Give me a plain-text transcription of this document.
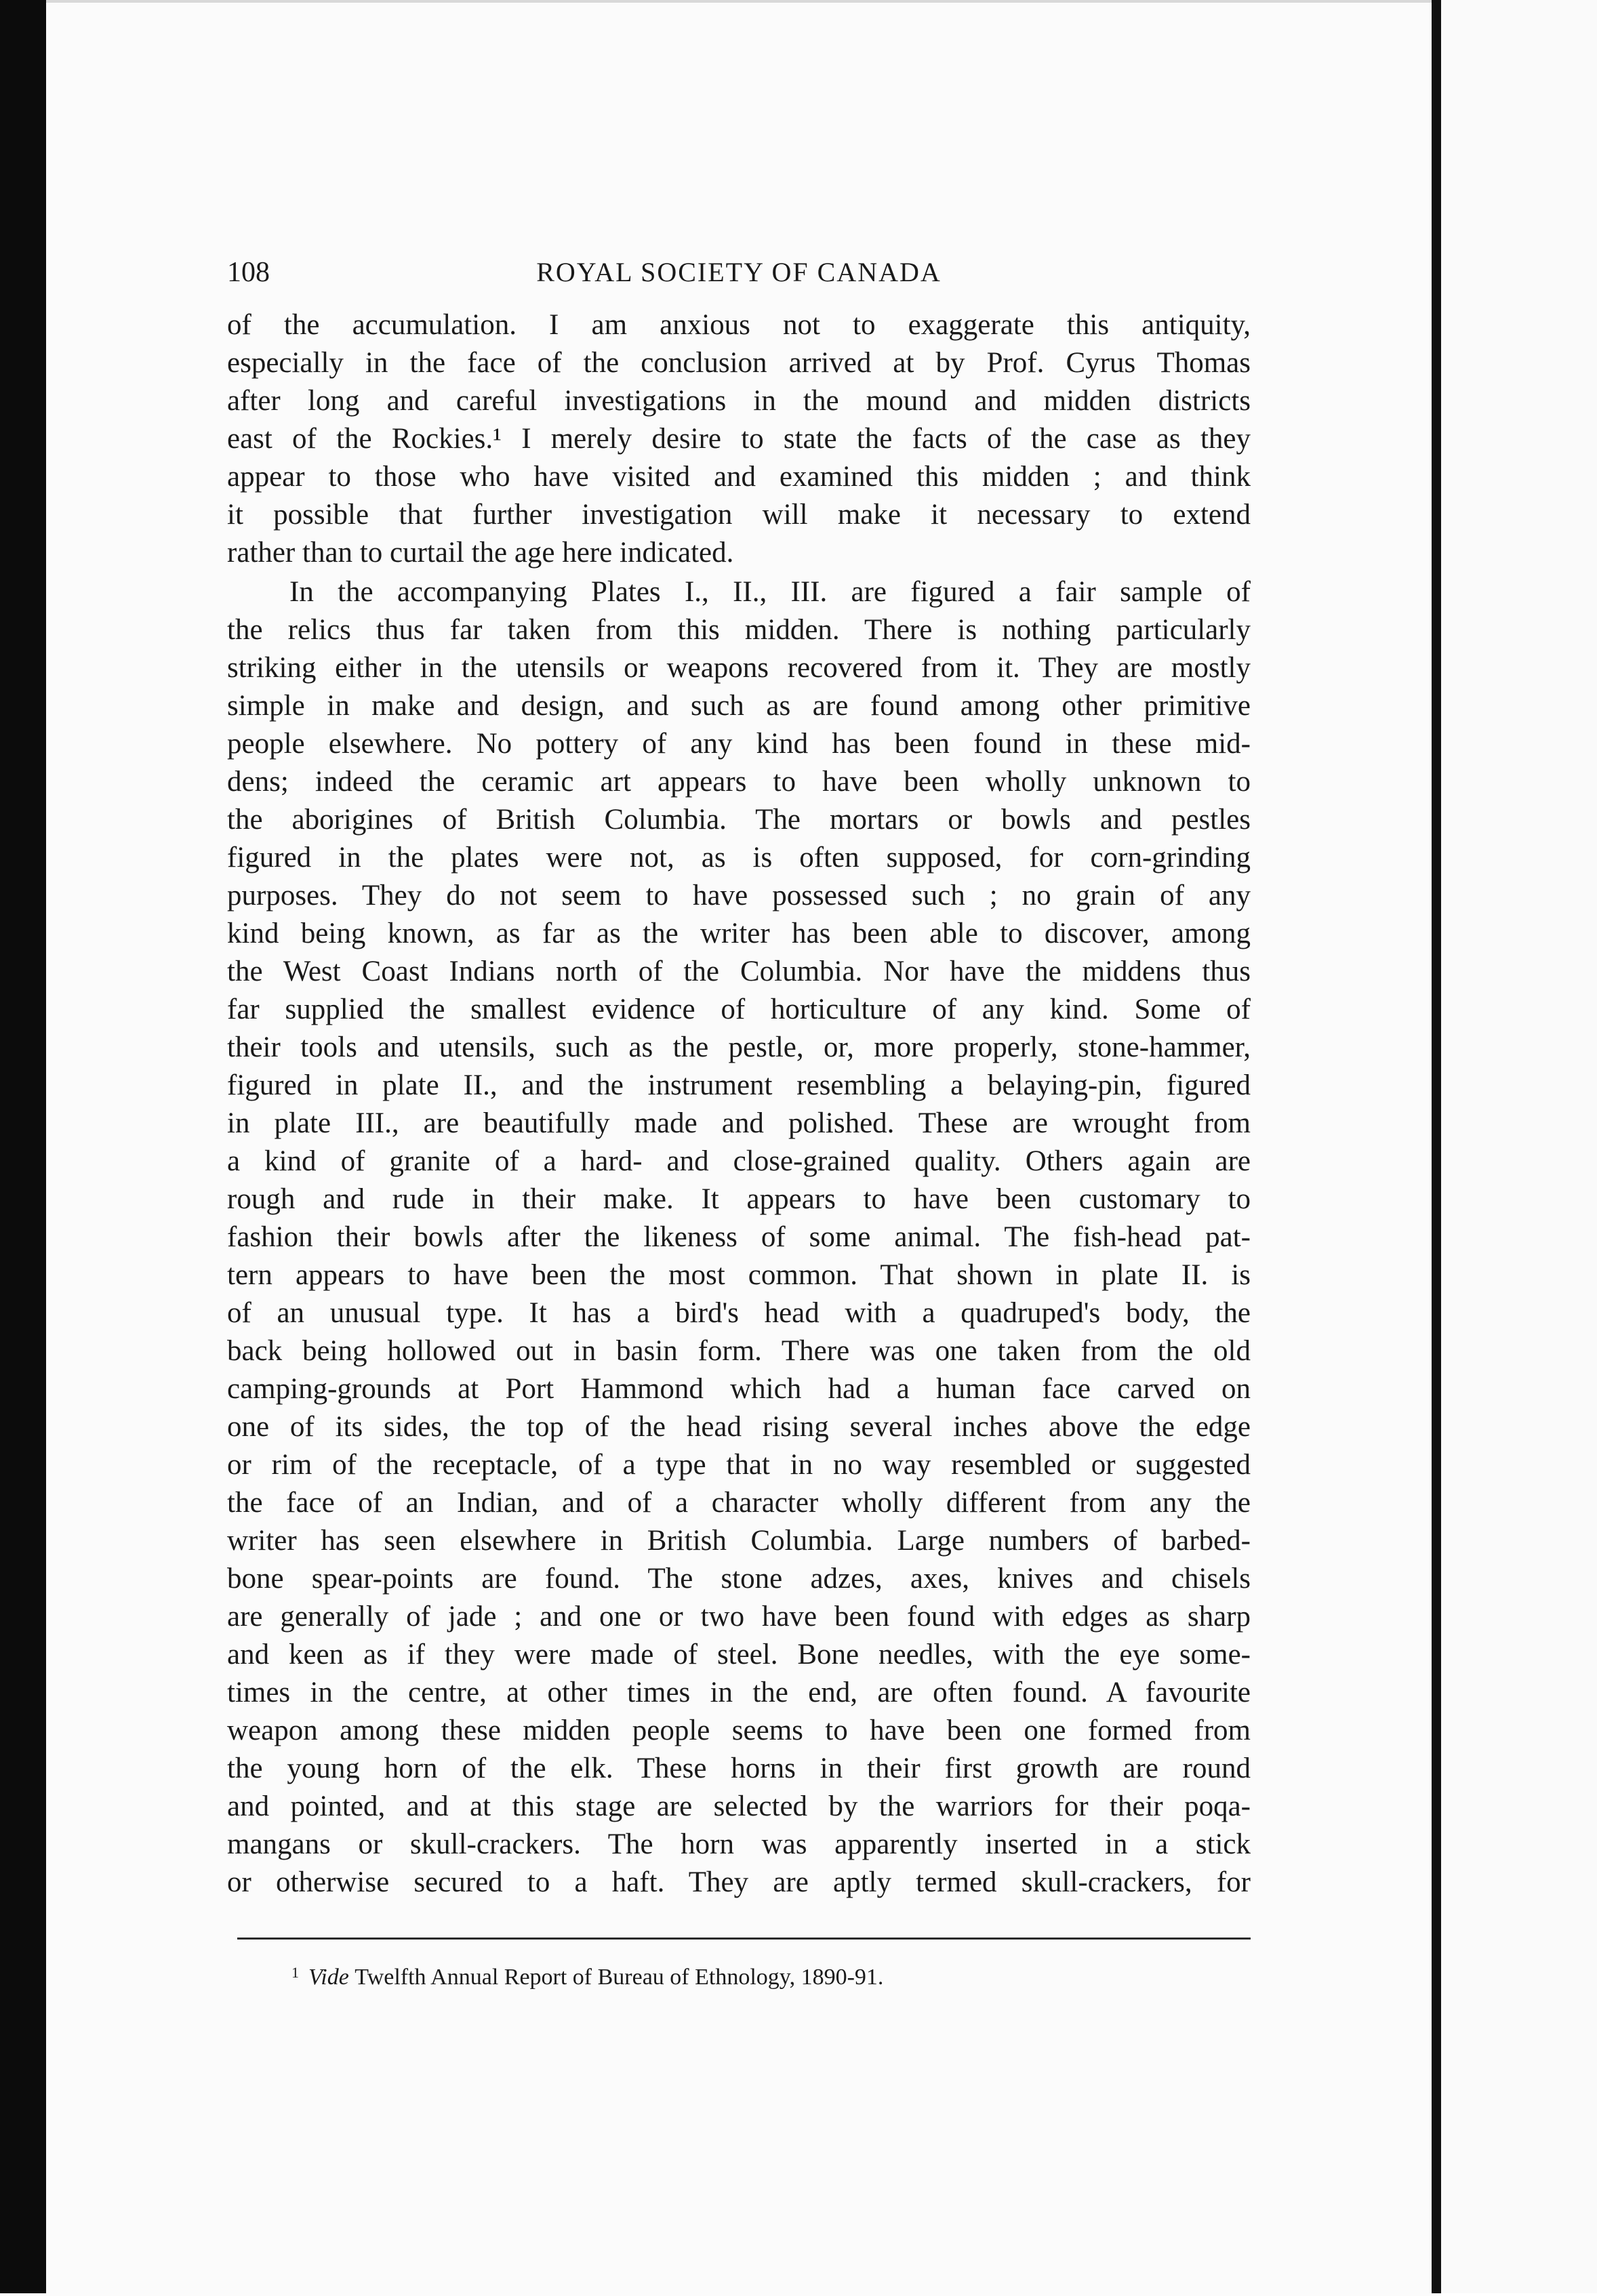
108	ROYAL SOCIETY OF CANADA

of the accumulation. I am anxious not to exaggerate this antiquity,
especially in the face of the conclusion arrived at by Prof. Cyrus Thomas
after long and careful investigations in the mound and midden districts
east of the Rockies.¹ I merely desire to state the facts of the case as they
appear to those who have visited and examined this midden ; and think
it possible that further investigation will make it necessary to extend
rather than to curtail the age here indicated.

In the accompanying Plates I., II., III. are figured a fair sample of
the relics thus far taken from this midden. There is nothing particularly
striking either in the utensils or weapons recovered from it. They are mostly
simple in make and design, and such as are found among other primitive
people elsewhere. No pottery of any kind has been found in these mid-
dens; indeed the ceramic art appears to have been wholly unknown to
the aborigines of British Columbia. The mortars or bowls and pestles
figured in the plates were not, as is often supposed, for corn-grinding
purposes. They do not seem to have possessed such ; no grain of any
kind being known, as far as the writer has been able to discover, among
the West Coast Indians north of the Columbia. Nor have the middens thus
far supplied the smallest evidence of horticulture of any kind. Some of
their tools and utensils, such as the pestle, or, more properly, stone-hammer,
figured in plate II., and the instrument resembling a belaying-pin, figured
in plate III., are beautifully made and polished. These are wrought from
a kind of granite of a hard- and close-grained quality. Others again are
rough and rude in their make. It appears to have been customary to
fashion their bowls after the likeness of some animal. The fish-head pat-
tern appears to have been the most common. That shown in plate II. is
of an unusual type. It has a bird's head with a quadruped's body, the
back being hollowed out in basin form. There was one taken from the old
camping-grounds at Port Hammond which had a human face carved on
one of its sides, the top of the head rising several inches above the edge
or rim of the receptacle, of a type that in no way resembled or suggested
the face of an Indian, and of a character wholly different from any the
writer has seen elsewhere in British Columbia. Large numbers of barbed-
bone spear-points are found. The stone adzes, axes, knives and chisels
are generally of jade ; and one or two have been found with edges as sharp
and keen as if they were made of steel. Bone needles, with the eye some-
times in the centre, at other times in the end, are often found. A favourite
weapon among these midden people seems to have been one formed from
the young horn of the elk. These horns in their first growth are round
and pointed, and at this stage are selected by the warriors for their poqa-
mangans or skull-crackers. The horn was apparently inserted in a stick
or otherwise secured to a haft. They are aptly termed skull-crackers, for

$^1$ Vide Twelfth Annual Report of Bureau of Ethnology, 1890-91.
